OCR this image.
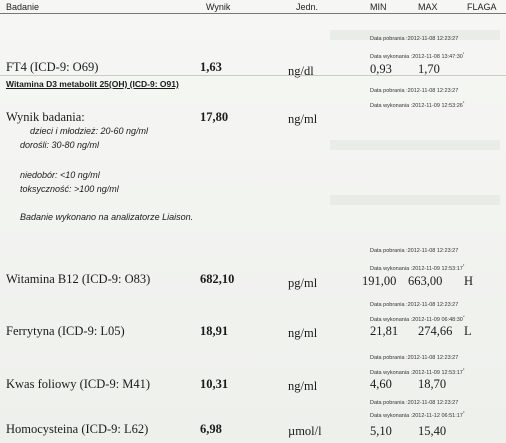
Badanie	Wynik	Jedn.	MIN	MAX	FLAGA
Data pobrania :2012-11-08 12:23:27
Data wykonania :2012-11-08 $13:47:30^{^1}$
FT4 (ICD-9: O69)	1,63	ng/dl	0,93 1,70
Witamina D3 metabolit 25(OH) (ICD-9: O91)
Data pobrania :2012-11-08 12:23:27
Data wykonania :2012-11-09 $12:53:26^{^2}$
Wynik badania:	17,80	ng/ml
dzieci i młodzież: 20-60 ng/ml
dorośli: 30-80 ng/ml
niedobór: <10 ng/ml
toksyczność: >100 ng/ml
Badanie wykonano na analizatorze Liaison.
Data pobrania :2012-11-08 12:23:27
Data wykonania :2012-11-09 $12:53:17^{^3}$
Witamina B12 (ICD-9: O83)	682,10	pg/ml	191,00 663,00 H
Data pobrania :2012-11-08 12:23:27
Data wykonania :2012-11-09 $06:48:30^{^4}$
Ferrytyna (ICD-9: L05)	18,91	ng/ml	21,81 274,66 L
Data pobrania :2012-11-08 12:23:27
Data wykonania :2012-11-09 $12:53:17^{^5}$
Kwas foliowy (ICD-9: M41)	10,31	ng/ml	4,60 18,70
Data pobrania :2012-11-08 12:23:27
Data wykonania :2012-11-12 $06:51:17^{^6}$
Homocysteina (ICD-9: L62)	6,98	µmol/l	5,10 15,40
